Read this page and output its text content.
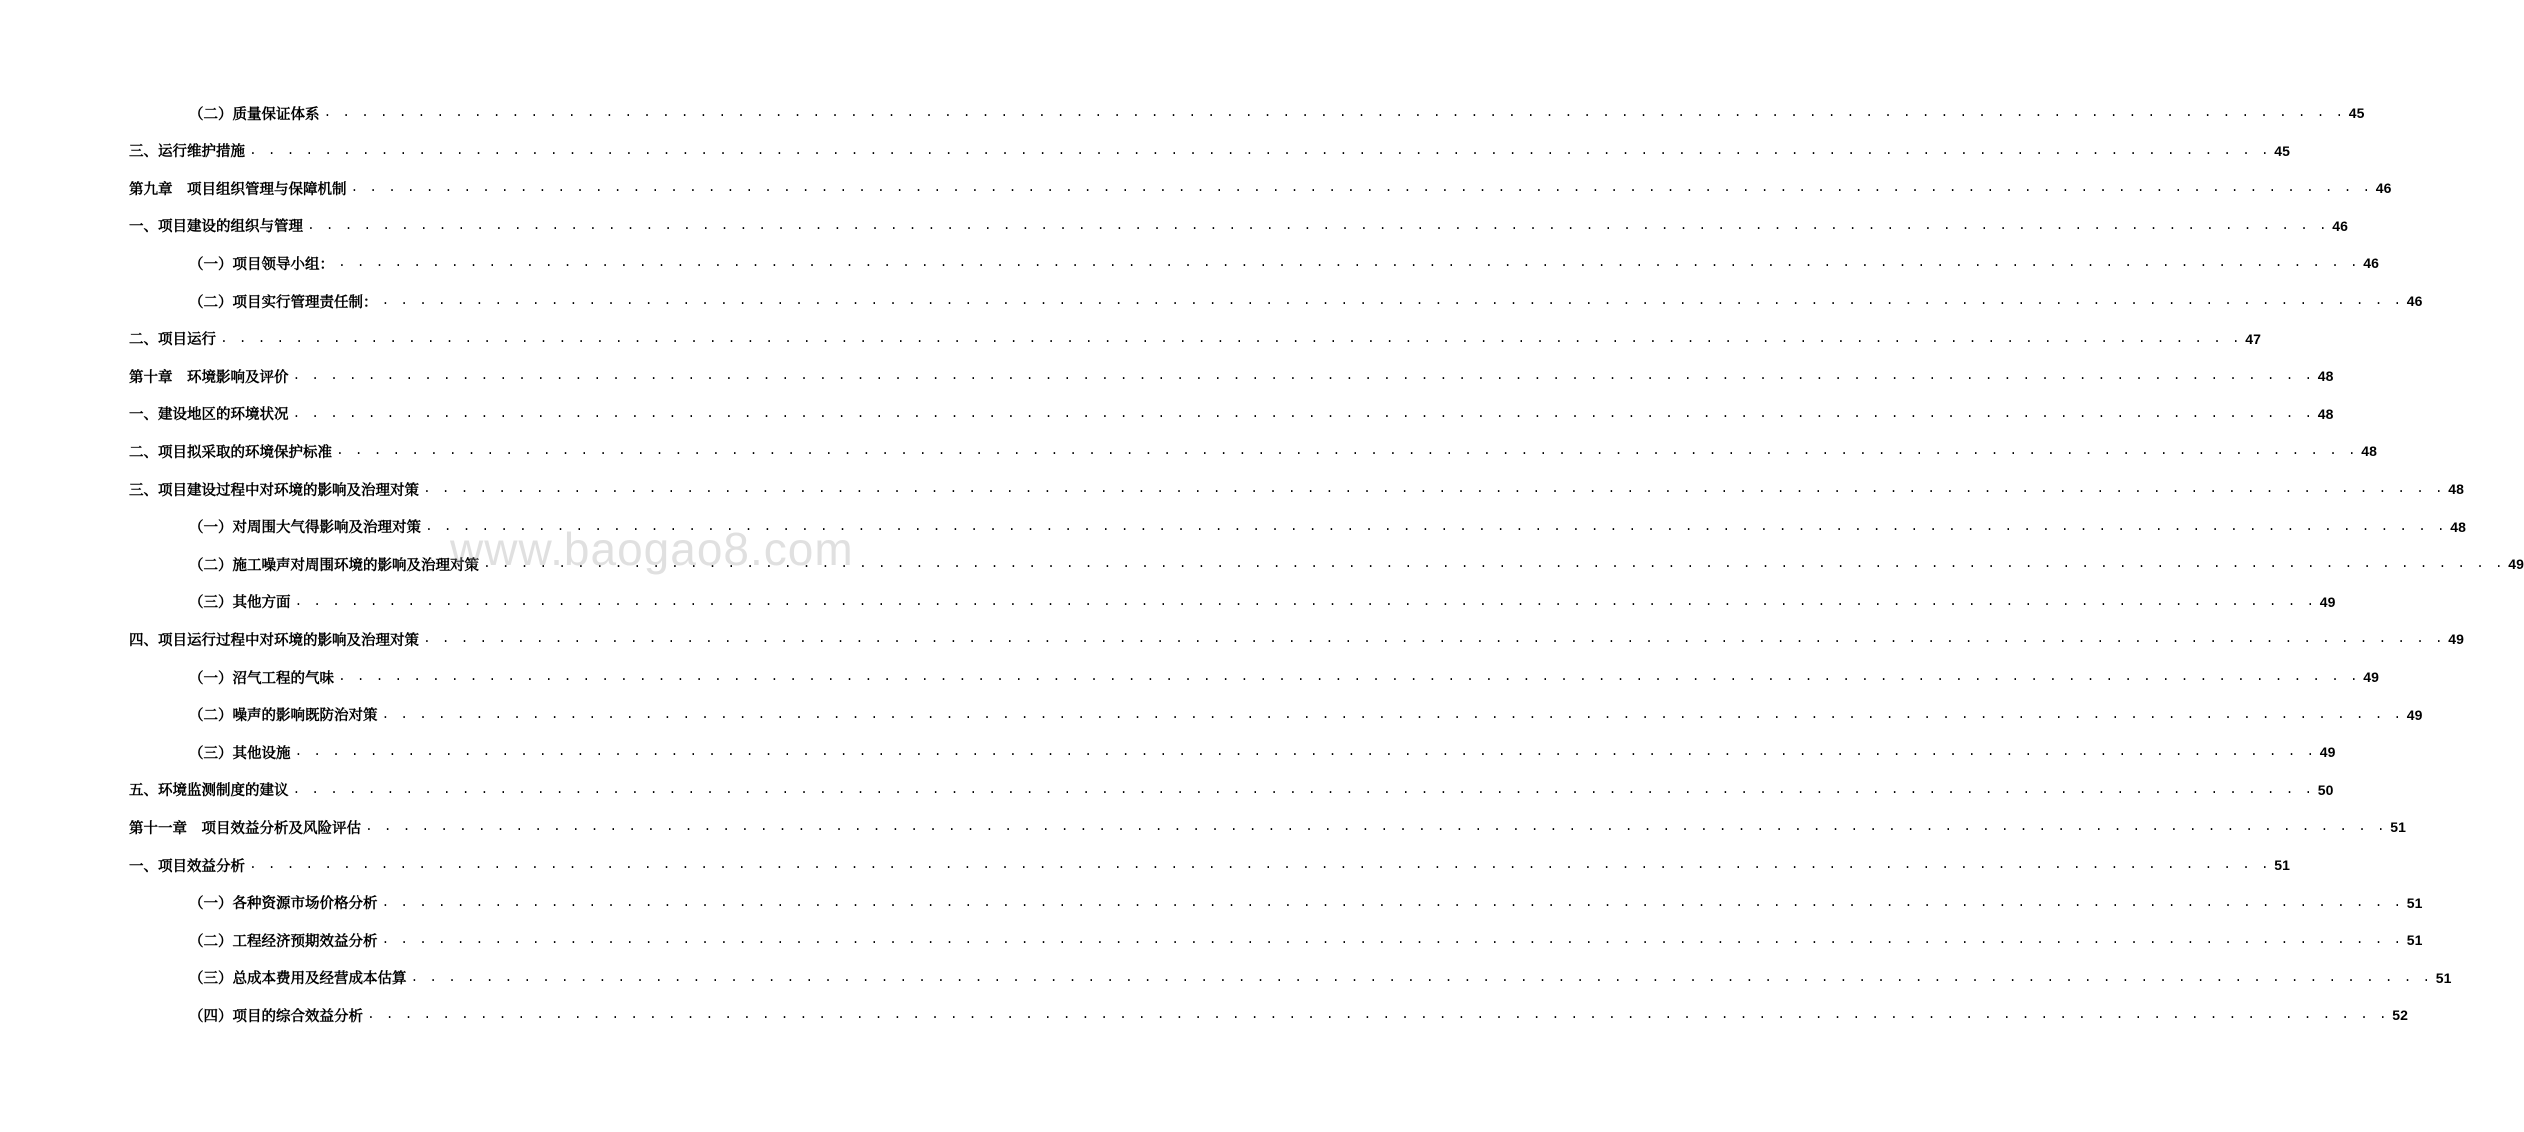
（二）质量保证体系 . . .	45
三、运行维护措施 . . .	45
第九章　项目组织管理与保障机制 . . .	46
一、项目建设的组织与管理 . . .	46
（一）项目领导小组： . . .	46
（二）项目实行管理责任制： . . .	46
二、项目运行 . . .	47
第十章　环境影响及评价 . . .	48
一、建设地区的环境状况 . . .	48
二、项目拟采取的环境保护标准 . . .	48
三、项目建设过程中对环境的影响及治理对策 . . .	48
（一）对周围大气得影响及治理对策 . . .	48
（二）施工噪声对周围环境的影响及治理对策 . . .	49
（三）其他方面 . . .	49
四、项目运行过程中对环境的影响及治理对策 . . .	49
（一）沼气工程的气味 . . .	49
（二）噪声的影响既防治对策 . . .	49
（三）其他设施 . . .	49
五、环境监测制度的建议 . . .	50
第十一章　项目效益分析及风险评估 . . .	51
一、项目效益分析 . . .	51
（一）各种资源市场价格分析 . . .	51
（二）工程经济预期效益分析 . . .	51
（三）总成本费用及经营成本估算 . . .	51
（四）项目的综合效益分析 . . .	52
www.baogao8.com
